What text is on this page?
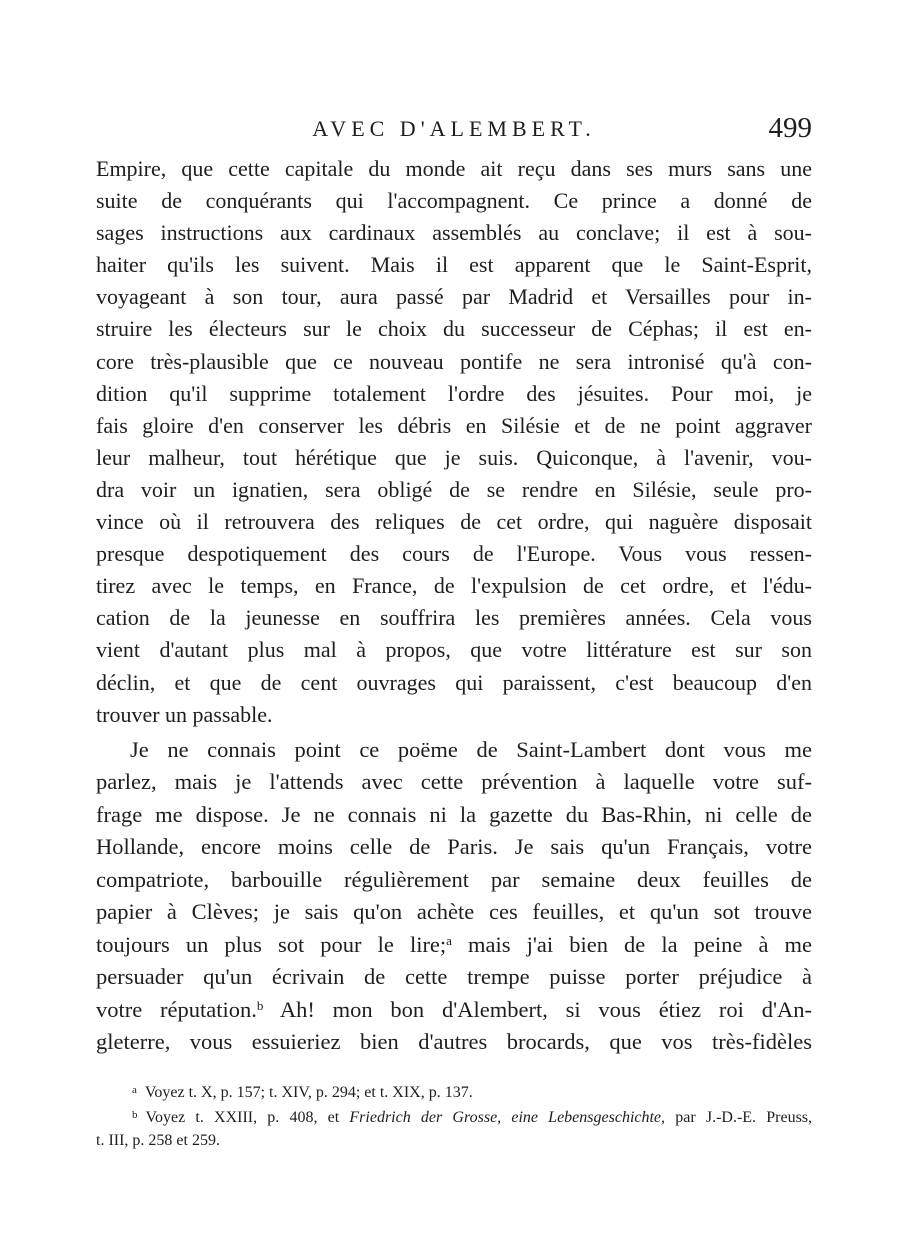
AVEC D'ALEMBERT.	499
Empire, que cette capitale du monde ait reçu dans ses murs sans une
suite de conquérants qui l'accompagnent. Ce prince a donné de
sages instructions aux cardinaux assemblés au conclave; il est à sou-
haiter qu'ils les suivent. Mais il est apparent que le Saint-Esprit,
voyageant à son tour, aura passé par Madrid et Versailles pour in-
struire les électeurs sur le choix du successeur de Céphas; il est en-
core très-plausible que ce nouveau pontife ne sera intronisé qu'à con-
dition qu'il supprime totalement l'ordre des jésuites. Pour moi, je
fais gloire d'en conserver les débris en Silésie et de ne point aggraver
leur malheur, tout hérétique que je suis. Quiconque, à l'avenir, vou-
dra voir un ignatien, sera obligé de se rendre en Silésie, seule pro-
vince où il retrouvera des reliques de cet ordre, qui naguère disposait
presque despotiquement des cours de l'Europe. Vous vous ressen-
tirez avec le temps, en France, de l'expulsion de cet ordre, et l'édu-
cation de la jeunesse en souffrira les premières années. Cela vous
vient d'autant plus mal à propos, que votre littérature est sur son
déclin, et que de cent ouvrages qui paraissent, c'est beaucoup d'en
trouver un passable.
Je ne connais point ce poëme de Saint-Lambert dont vous me
parlez, mais je l'attends avec cette prévention à laquelle votre suf-
frage me dispose. Je ne connais ni la gazette du Bas-Rhin, ni celle de
Hollande, encore moins celle de Paris. Je sais qu'un Français, votre
compatriote, barbouille régulièrement par semaine deux feuilles de
papier à Clèves; je sais qu'on achète ces feuilles, et qu'un sot trouve
toujours un plus sot pour le lire;$^a$ mais j'ai bien de la peine à me
persuader qu'un écrivain de cette trempe puisse porter préjudice à
votre réputation.$^b$ Ah! mon bon d'Alembert, si vous étiez roi d'An-
gleterre, vous essuieriez bien d'autres brocards, que vos très-fidèles
$^a$ Voyez t. X, p. 157; t. XIV, p. 294; et t. XIX, p. 137.
$^b$ Voyez t. XXIII, p. 408, et Friedrich der Grosse, eine Lebensgeschichte, par J.-D.-E. Preuss,
t. III, p. 258 et 259.
